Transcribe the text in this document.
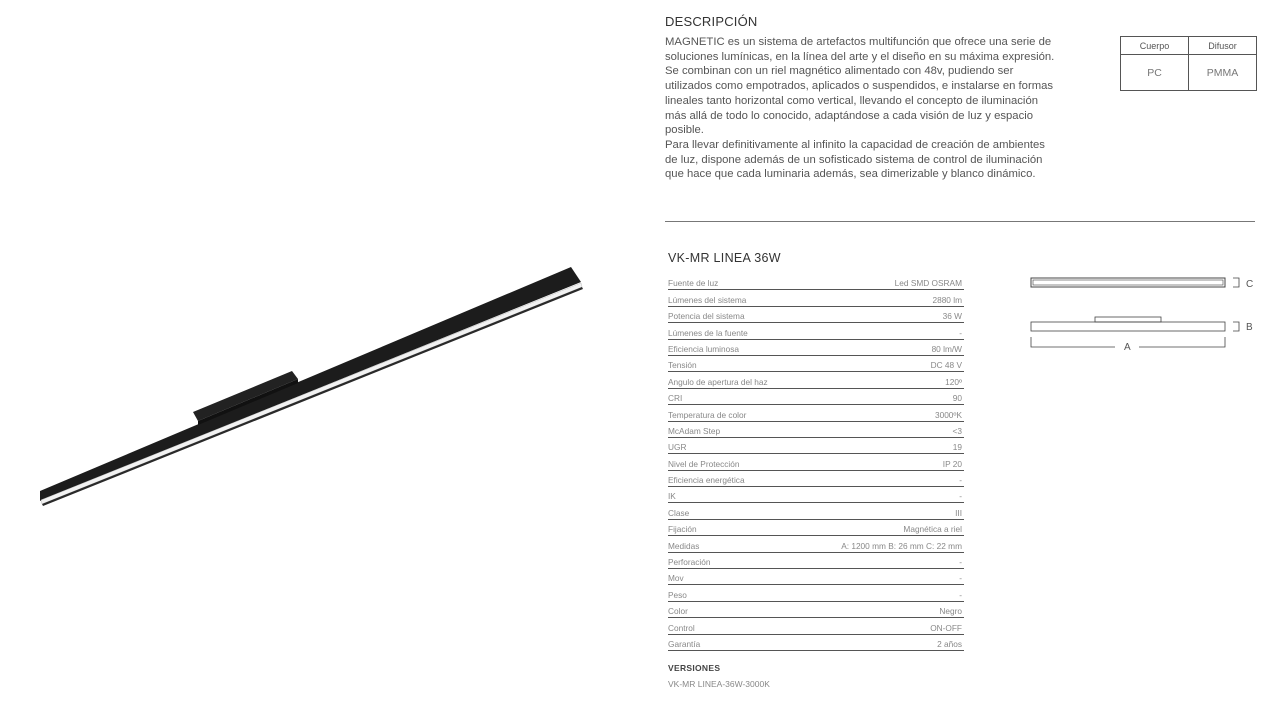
DESCRIPCIÓN

MAGNETIC es un sistema de artefactos multifunción que ofrece una serie de soluciones lumínicas, en la línea del arte y el diseño en su máxima expresión. Se combinan con un riel magnético alimentado con 48v, pudiendo ser utilizados como empotrados, aplicados o suspendidos, e instalarse en formas lineales tanto horizontal como vertical, llevando el concepto de iluminación más allá de todo lo conocido, adaptándose a cada visión de luz y espacio posible.

Para llevar definitivamente al infinito la capacidad de creación de ambientes de luz, dispone además de un sofisticado sistema de control de iluminación que hace que cada luminaria además, sea dimerizable y blanco dinámico.

Cuerpo	Difusor
PC	PMMA
VK-MR LINEA 36W
Fuente de luz	Led SMD OSRAM
Lúmenes del sistema	2880 lm
Potencia del sistema	36 W
Lúmenes de la fuente	-
Eficiencia luminosa	80 lm/W
Tensión	DC 48 V
Angulo de apertura del haz	120º
CRI	90
Temperatura de color	3000ºK
McAdam Step	<3
UGR	19
Nivel de Protección	IP 20
Eficiencia energética	-
IK	-
Clase	III
Fijación	Magnética a riel
Medidas	A: 1200 mm B: 26 mm C: 22 mm
Perforación	-
Mov	-
Peso	-
Color	Negro
Control	ON-OFF
Garantía	2 años
VERSIONES
VK-MR LINEA-36W-3000K
C
B
A
